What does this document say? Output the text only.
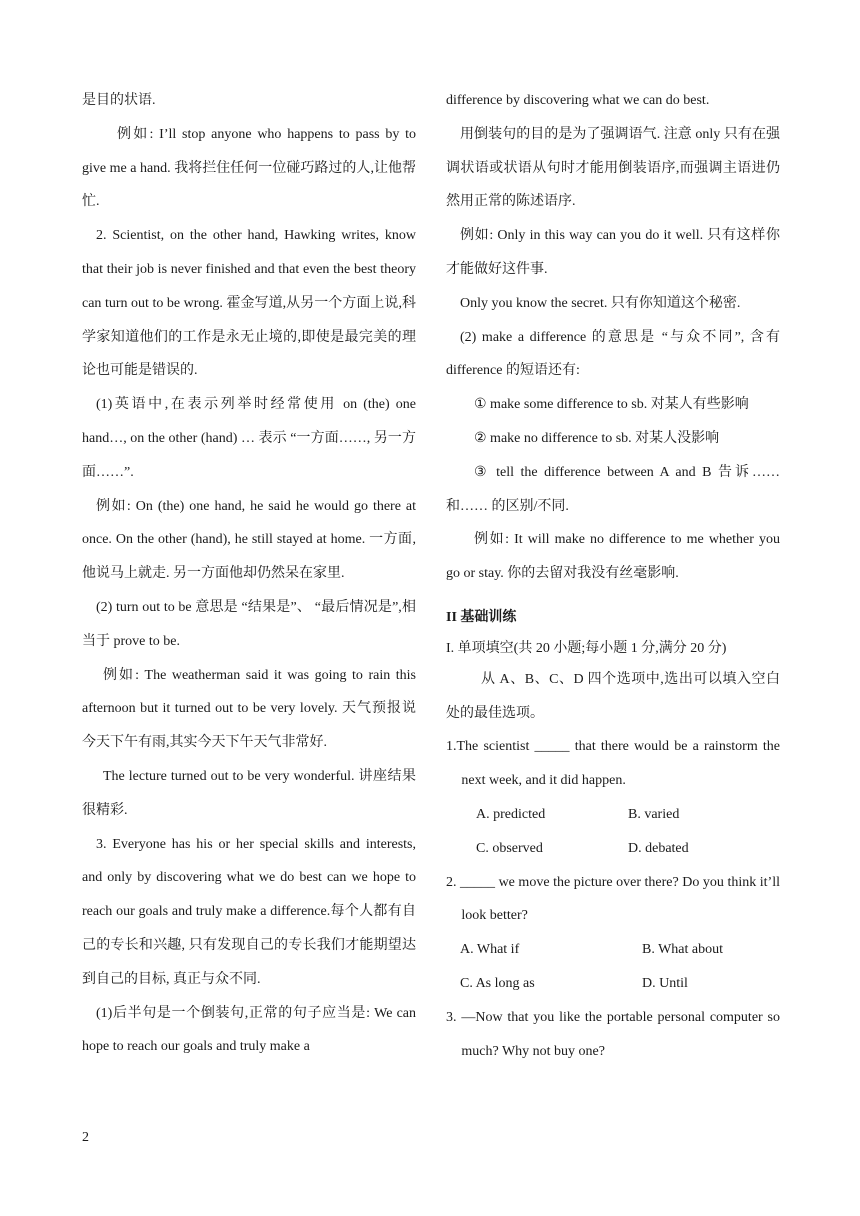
是目的状语.

例如: I’ll stop anyone who happens to pass by to give me a hand. 我将拦住任何一位碰巧路过的人,让他帮忙.

2. Scientist, on the other hand, Hawking writes, know that their job is never finished and that even the best theory can turn out to be wrong. 霍金写道,从另一个方面上说,科学家知道他们的工作是永无止境的,即使是最完美的理论也可能是错误的.

(1)英语中,在表示列举时经常使用 on (the) one hand…, on the other (hand) … 表示 “一方面……, 另一方面……”.

例如: On (the) one hand, he said he would go there at once. On the other (hand), he still stayed at home. 一方面,他说马上就走. 另一方面他却仍然呆在家里.

(2) turn out to be 意思是 “结果是”、 “最后情况是”,相当于 prove to be.

例如: The weatherman said it was going to rain this afternoon but it turned out to be very lovely. 天气预报说今天下午有雨,其实今天下午天气非常好.

The lecture turned out to be very wonderful. 讲座结果很精彩.

3. Everyone has his or her special skills and interests, and only by discovering what we do best can we hope to reach our goals and truly make a difference.每个人都有自己的专长和兴趣, 只有发现自己的专长我们才能期望达到自己的目标, 真正与众不同.

(1)后半句是一个倒装句,正常的句子应当是: We can hope to reach our goals and truly make a

difference by discovering what we can do best.

用倒装句的目的是为了强调语气. 注意 only 只有在强调状语或状语从句时才能用倒装语序,而强调主语进仍然用正常的陈述语序.

例如: Only in this way can you do it well. 只有这样你才能做好这件事.

Only you know the secret. 只有你知道这个秘密.

(2) make a difference 的意思是 “与众不同”, 含有 difference 的短语还有:

① make some difference to sb. 对某人有些影响

② make no difference to sb. 对某人没影响

③ tell the difference between A and B 告诉……和…… 的区别/不同.

例如: It will make no difference to me whether you go or stay. 你的去留对我没有丝毫影响.

II 基础训练

I. 单项填空(共 20 小题;每小题 1 分,满分 20 分)

从 A、B、C、D 四个选项中,选出可以填入空白处的最佳选项。

1.The scientist _____ that there would be a rainstorm the next week, and it did happen.

A. predicted	B. varied
C. observed	D. debated

2. _____ we move the picture over there? Do you think it’ll look better?

A. What if	B. What about
C. As long as	D. Until

3. —Now that you like the portable personal computer so much? Why not buy one?

2
